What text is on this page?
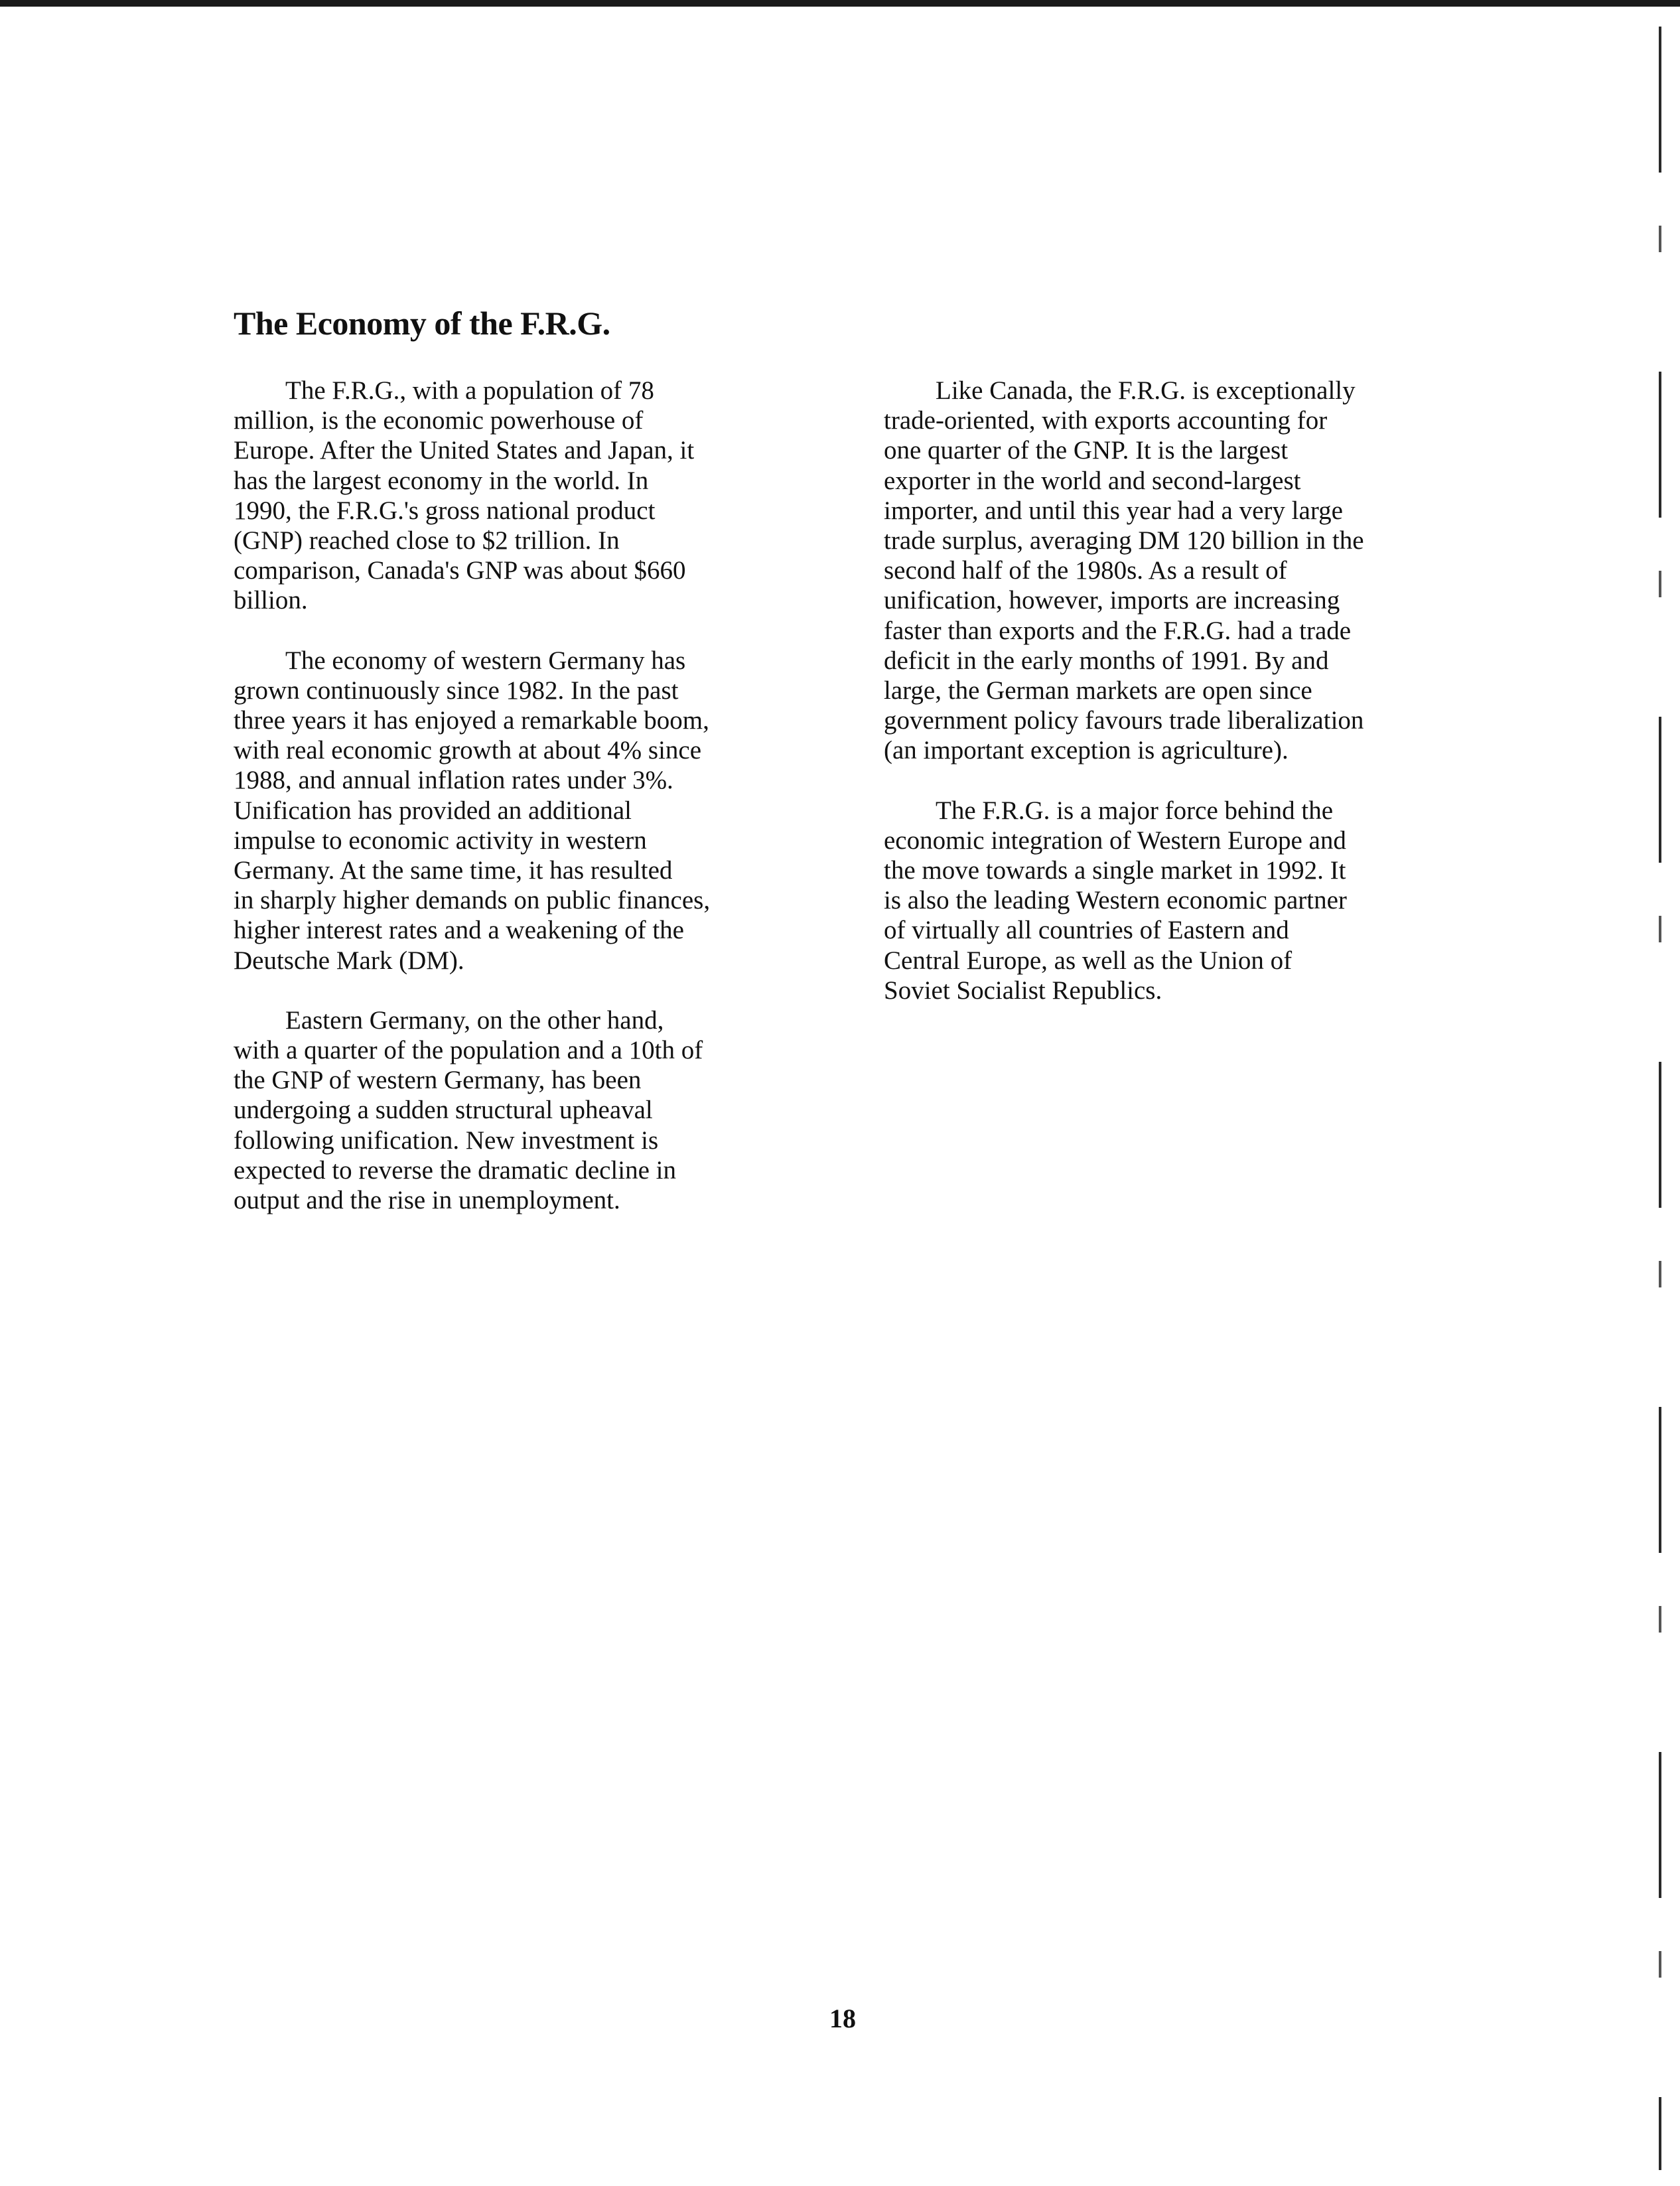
The Economy of the F.R.G.

The F.R.G., with a population of 78
million, is the economic powerhouse of
Europe. After the United States and Japan, it
has the largest economy in the world. In
1990, the F.R.G.'s gross national product
(GNP) reached close to $2 trillion. In
comparison, Canada's GNP was about $660
billion.

The economy of western Germany has
grown continuously since 1982. In the past
three years it has enjoyed a remarkable boom,
with real economic growth at about 4% since
1988, and annual inflation rates under 3%.
Unification has provided an additional
impulse to economic activity in western
Germany. At the same time, it has resulted
in sharply higher demands on public finances,
higher interest rates and a weakening of the
Deutsche Mark (DM).

Eastern Germany, on the other hand,
with a quarter of the population and a 10th of
the GNP of western Germany, has been
undergoing a sudden structural upheaval
following unification. New investment is
expected to reverse the dramatic decline in
output and the rise in unemployment.

Like Canada, the F.R.G. is exceptionally
trade-oriented, with exports accounting for
one quarter of the GNP. It is the largest
exporter in the world and second-largest
importer, and until this year had a very large
trade surplus, averaging DM 120 billion in the
second half of the 1980s. As a result of
unification, however, imports are increasing
faster than exports and the F.R.G. had a trade
deficit in the early months of 1991. By and
large, the German markets are open since
government policy favours trade liberalization
(an important exception is agriculture).

The F.R.G. is a major force behind the
economic integration of Western Europe and
the move towards a single market in 1992. It
is also the leading Western economic partner
of virtually all countries of Eastern and
Central Europe, as well as the Union of
Soviet Socialist Republics.

18
